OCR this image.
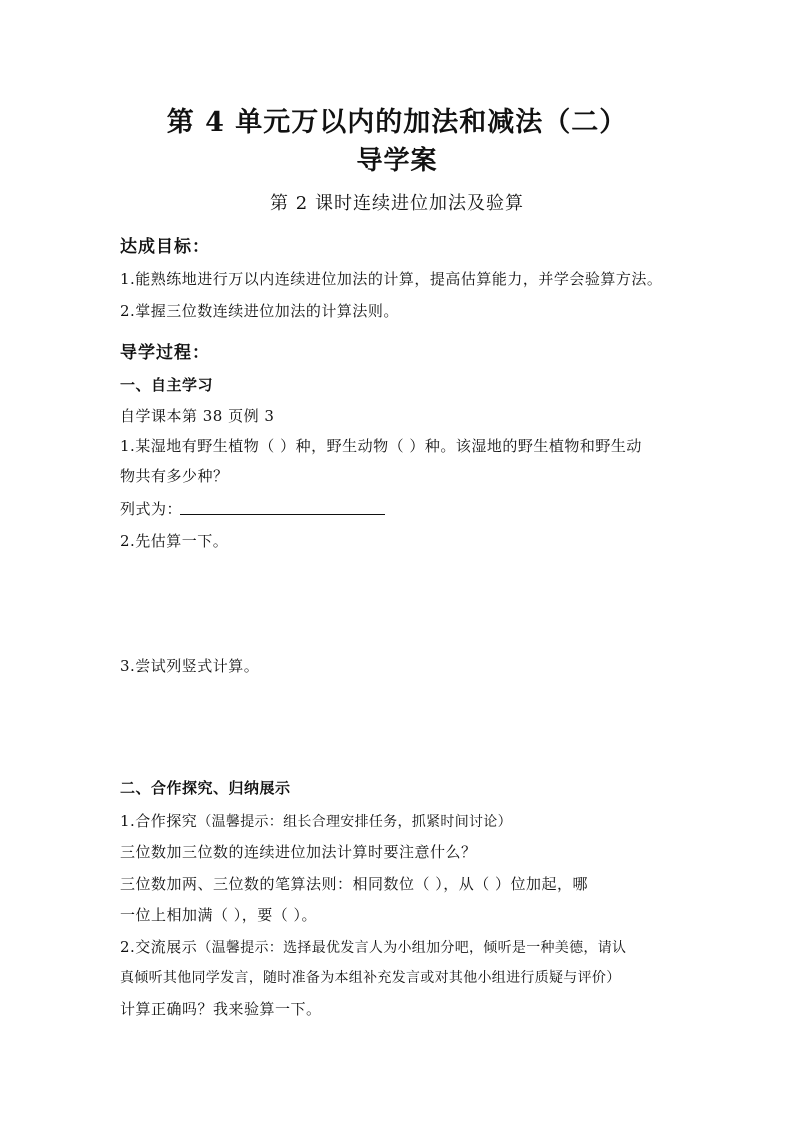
第 4 单元万以内的加法和减法（二）
导学案
第 2 课时连续进位加法及验算
达成目标：
1.能熟练地进行万以内连续进位加法的计算，提高估算能力，并学会验算方法。
2.掌握三位数连续进位加法的计算法则。
导学过程：
一、自主学习
自学课本第 38 页例 3
1.某湿地有野生植物（ ）种，野生动物（ ）种。该湿地的野生植物和野生动
物共有多少种？
列式为：
2.先估算一下。
3.尝试列竖式计算。
二、合作探究、归纳展示
1.合作探究（温馨提示：组长合理安排任务，抓紧时间讨论）
三位数加三位数的连续进位加法计算时要注意什么？
三位数加两、三位数的笔算法则：相同数位（ ），从（ ）位加起，哪
一位上相加满（ ），要（ ）。
2.交流展示（温馨提示：选择最优发言人为小组加分吧，倾听是一种美德，请认
真倾听其他同学发言，随时准备为本组补充发言或对其他小组进行质疑与评价）
计算正确吗？我来验算一下。
